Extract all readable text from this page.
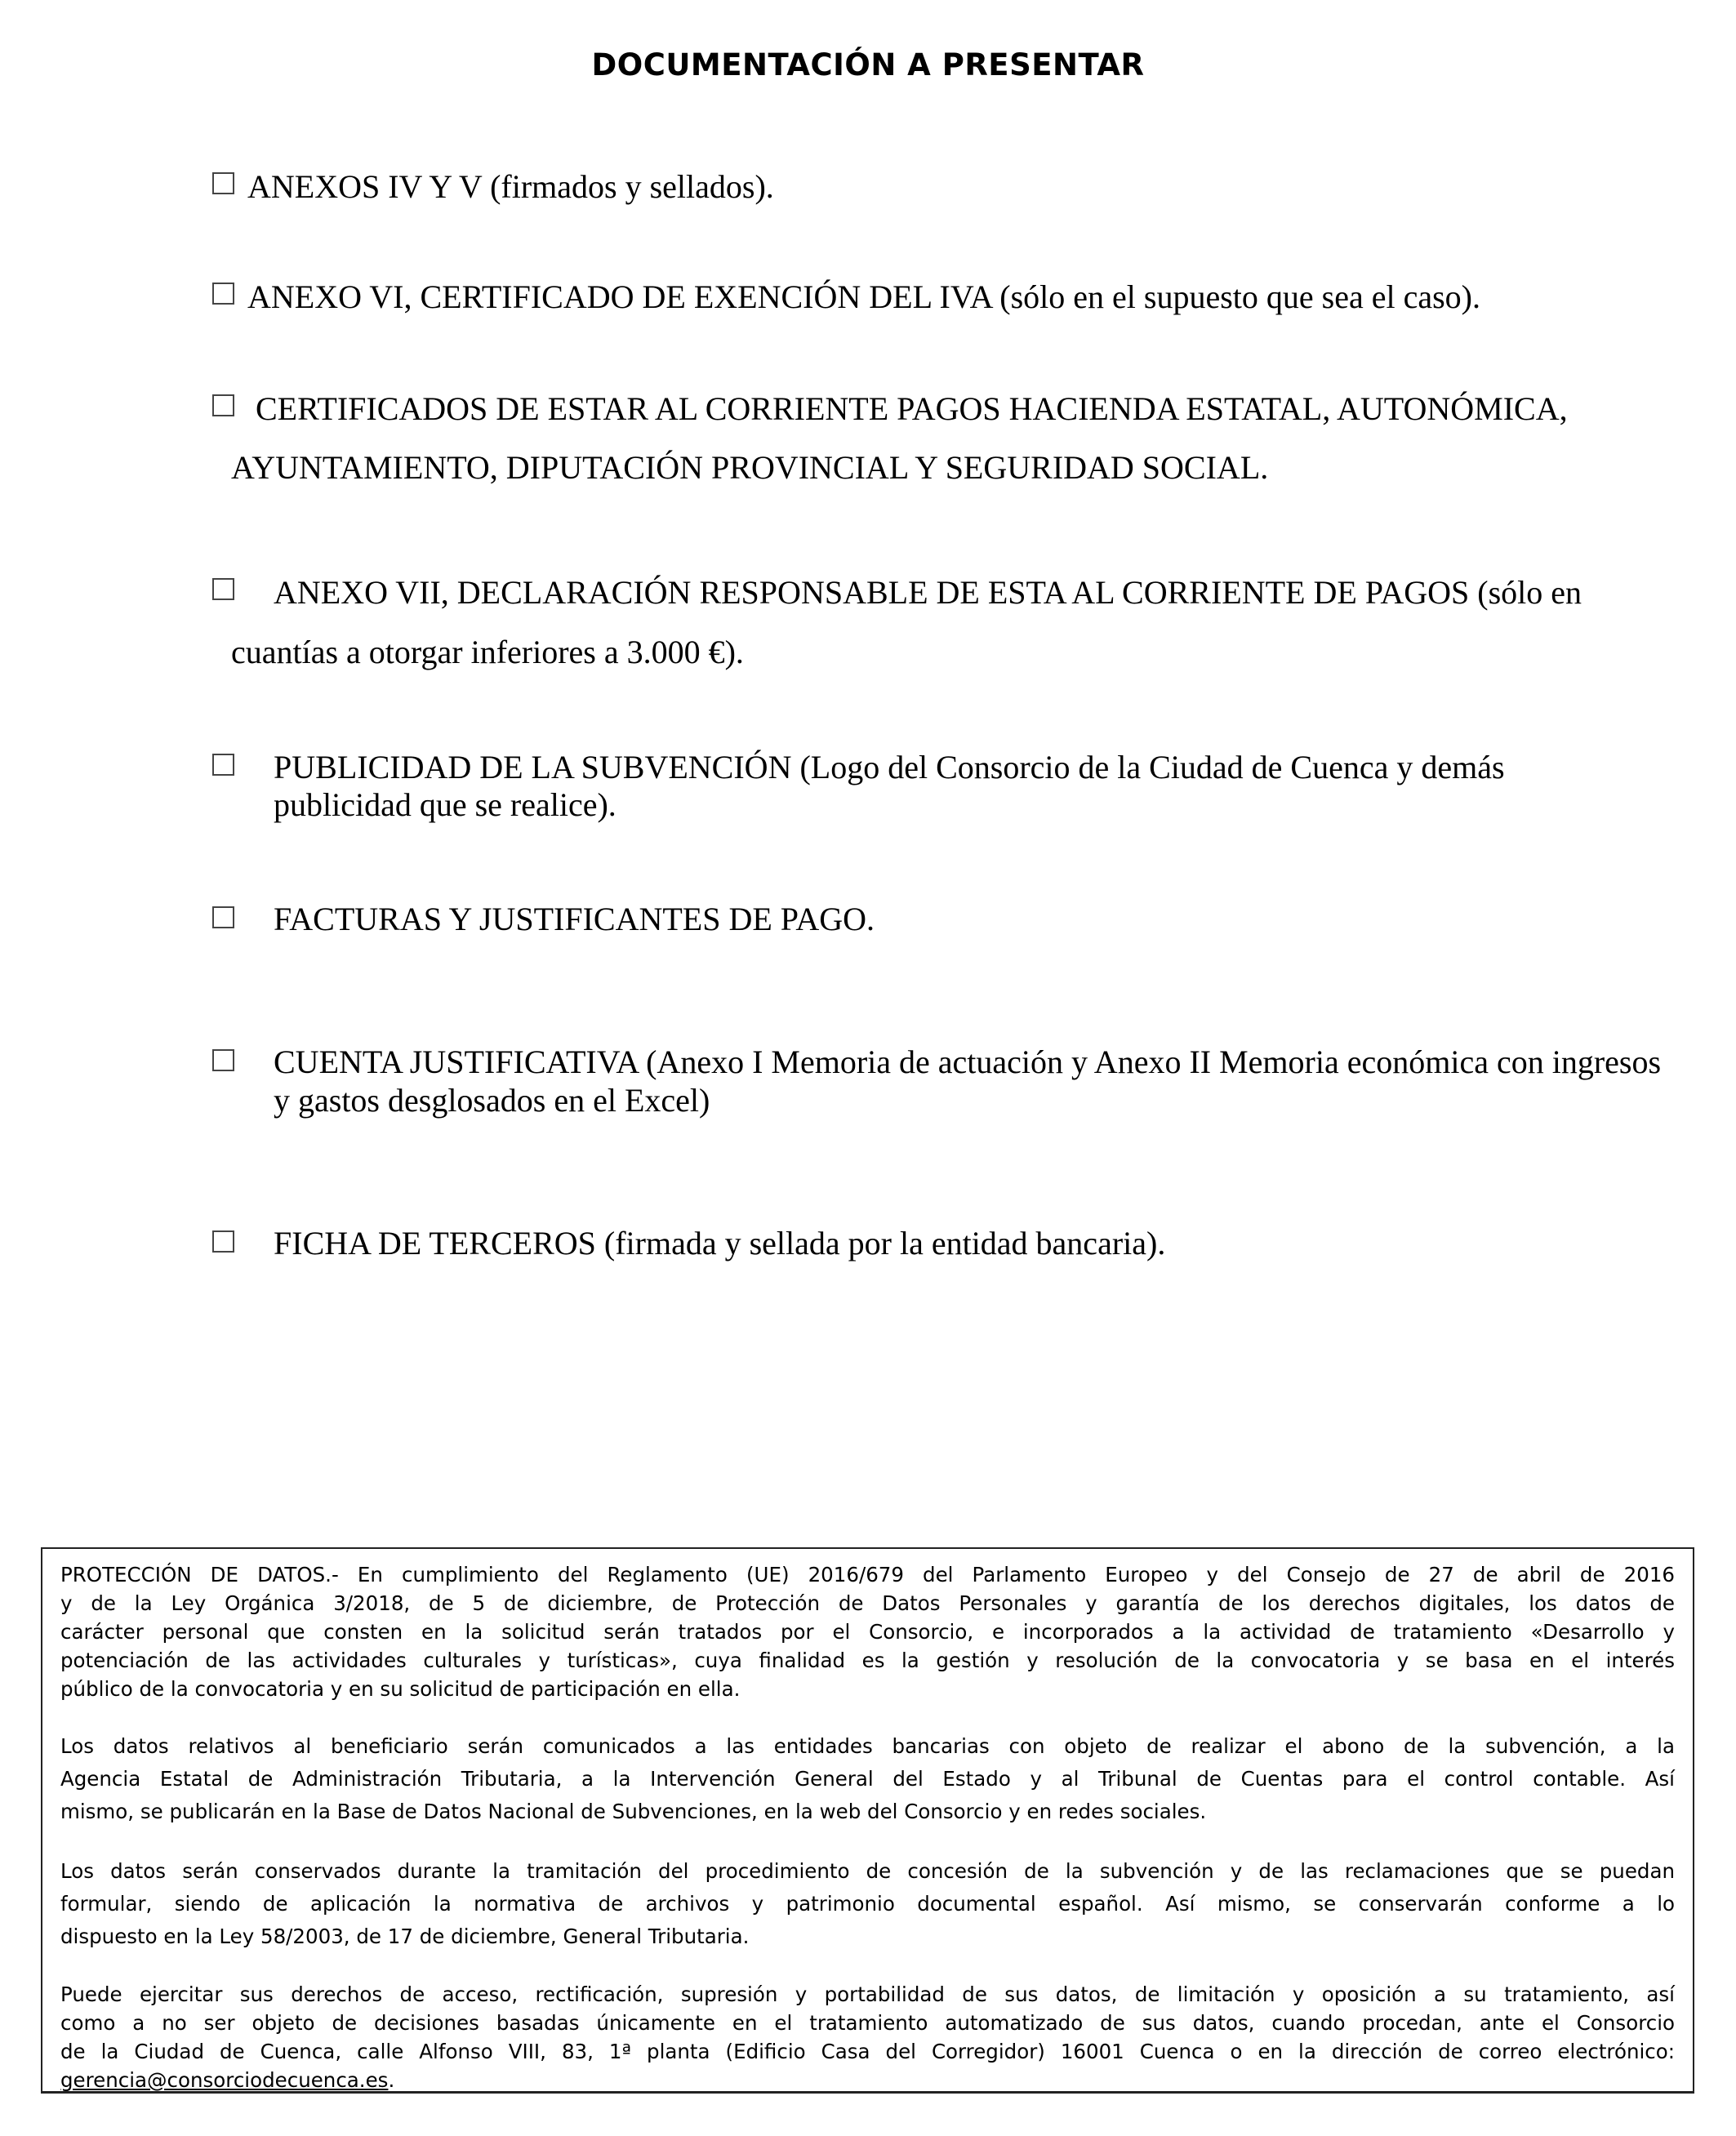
DOCUMENTACIÓN A PRESENTAR
ANEXOS IV Y V (firmados y sellados).
ANEXO VI, CERTIFICADO DE EXENCIÓN DEL IVA (sólo en el supuesto que sea el caso).
CERTIFICADOS DE ESTAR AL CORRIENTE PAGOS HACIENDA ESTATAL, AUTONÓMICA,
AYUNTAMIENTO, DIPUTACIÓN PROVINCIAL Y SEGURIDAD SOCIAL.
ANEXO VII, DECLARACIÓN RESPONSABLE DE ESTA AL CORRIENTE DE PAGOS (sólo en
cuantías a otorgar inferiores a 3.000 €).
PUBLICIDAD DE LA SUBVENCIÓN (Logo del Consorcio de la Ciudad de Cuenca y demás
publicidad que se realice).
FACTURAS Y JUSTIFICANTES DE PAGO.
CUENTA JUSTIFICATIVA (Anexo I Memoria de actuación y Anexo II Memoria económica con ingresos
y gastos desglosados en el Excel)
FICHA DE TERCEROS (firmada y sellada por la entidad bancaria).
PROTECCIÓN DE DATOS.- En cumplimiento del Reglamento (UE) 2016/679 del Parlamento Europeo y del Consejo de 27 de abril de 2016
y de la Ley Orgánica 3/2018, de 5 de diciembre, de Protección de Datos Personales y garantía de los derechos digitales, los datos de
carácter personal que consten en la solicitud serán tratados por el Consorcio, e incorporados a la actividad de tratamiento «Desarrollo y
potenciación de las actividades culturales y turísticas», cuya finalidad es la gestión y resolución de la convocatoria y se basa en el interés
público de la convocatoria y en su solicitud de participación en ella.
Los datos relativos al beneficiario serán comunicados a las entidades bancarias con objeto de realizar el abono de la subvención, a la
Agencia Estatal de Administración Tributaria, a la Intervención General del Estado y al Tribunal de Cuentas para el control contable. Así
mismo, se publicarán en la Base de Datos Nacional de Subvenciones, en la web del Consorcio y en redes sociales.
Los datos serán conservados durante la tramitación del procedimiento de concesión de la subvención y de las reclamaciones que se puedan
formular, siendo de aplicación la normativa de archivos y patrimonio documental español. Así mismo, se conservarán conforme a lo
dispuesto en la Ley 58/2003, de 17 de diciembre, General Tributaria.
Puede ejercitar sus derechos de acceso, rectificación, supresión y portabilidad de sus datos, de limitación y oposición a su tratamiento, así
como a no ser objeto de decisiones basadas únicamente en el tratamiento automatizado de sus datos, cuando procedan, ante el Consorcio
de la Ciudad de Cuenca, calle Alfonso VIII, 83, 1ª planta (Edificio Casa del Corregidor) 16001 Cuenca o en la dirección de correo electrónico:
gerencia@consorciodecuenca.es.
